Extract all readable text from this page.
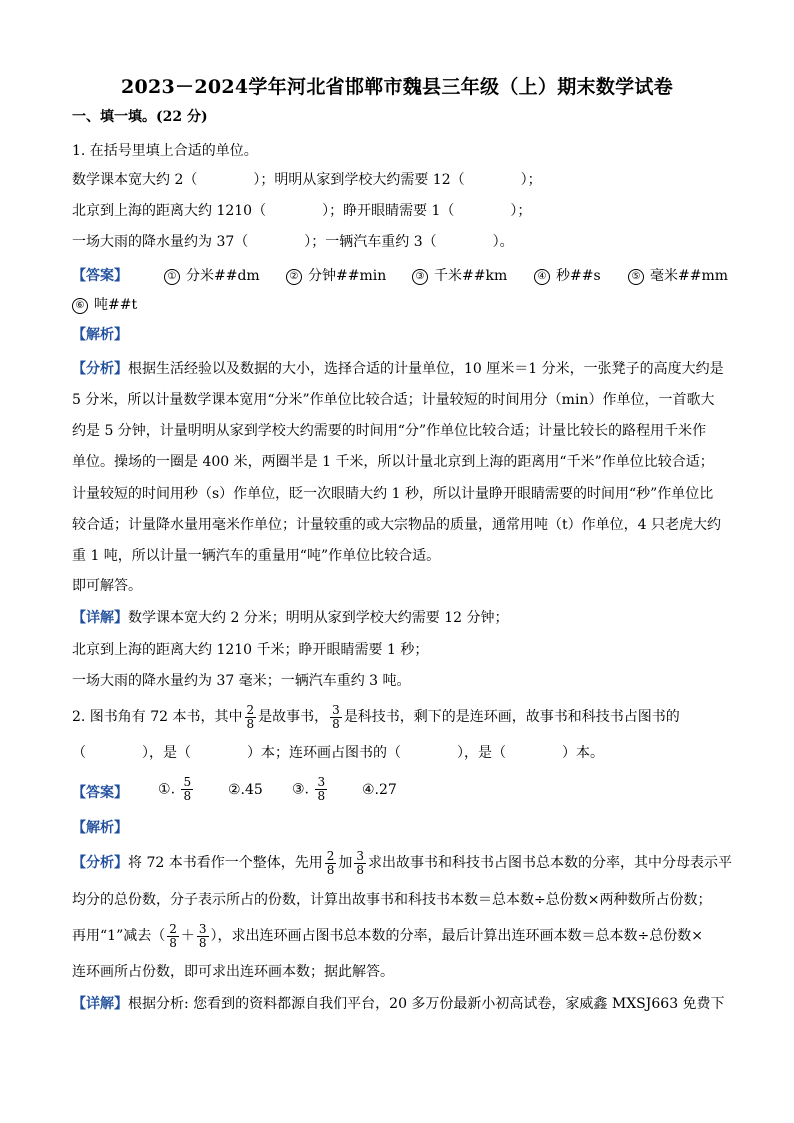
2023－2024学年河北省邯郸市魏县三年级（上）期末数学试卷
一、填一填。(22 分)
1. 在括号里填上合适的单位。
数学课本宽大约 2（　　　　）；明明从家到学校大约需要 12（　　　　）；
北京到上海的距离大约 1210（　　　　）；睁开眼睛需要 1（　　　　）；
一场大雨的降水量约为 37（　　　　）；一辆汽车重约 3（　　　　）。
【答案】	① 分米##dm	② 分钟##min	③ 千米##km	④ 秒##s	⑤ 毫米##mm
⑥ 吨##t
【解析】
【分析】根据生活经验以及数据的大小，选择合适的计量单位，10 厘米＝1 分米，一张凳子的高度大约是
5 分米，所以计量数学课本宽用“分米”作单位比较合适；计量较短的时间用分（min）作单位，一首歌大
约是 5 分钟，计量明明从家到学校大约需要的时间用“分”作单位比较合适；计量比较长的路程用千米作
单位。操场的一圈是 400 米，两圈半是 1 千米，所以计量北京到上海的距离用“千米”作单位比较合适；
计量较短的时间用秒（s）作单位，眨一次眼睛大约 1 秒，所以计量睁开眼睛需要的时间用“秒”作单位比
较合适；计量降水量用毫米作单位；计量较重的或大宗物品的质量，通常用吨（t）作单位，4 只老虎大约
重 1 吨，所以计量一辆汽车的重量用“吨”作单位比较合适。
即可解答。
【详解】数学课本宽大约 2 分米；明明从家到学校大约需要 12 分钟；
北京到上海的距离大约 1210 千米；睁开眼睛需要 1 秒；
一场大雨的降水量约为 37 毫米；一辆汽车重约 3 吨。
2. 图书角有 72 本书，其中 $\frac{2}{8}$ 是故事书， $\frac{3}{8}$ 是科技书，剩下的是连环画，故事书和科技书占图书的
（　　　　），是（　　　　）本；连环画占图书的（　　　　），是（　　　　）本。
【答案】 ①. $\frac{5}{8}$ ②.45 ③. $\frac{3}{8}$ ④.27
【解析】
【分析】将 72 本书看作一个整体，先用 $\frac{2}{8}$ 加 $\frac{3}{8}$ 求出故事书和科技书占图书总本数的分率，其中分母表示平
均分的总份数，分子表示所占的份数，计算出故事书和科技书本数＝总本数÷总份数×两种数所占份数；
再用“1”减去（ $\frac{2}{8} + \frac{3}{8}$ ），求出连环画占图书总本数的分率，最后计算出连环画本数＝总本数÷总份数×
连环画所占份数，即可求出连环画本数；据此解答。
【详解】根据分析: 您看到的资料都源自我们平台，20 多万份最新小初高试卷，家威鑫 MXSJ663 免费下
